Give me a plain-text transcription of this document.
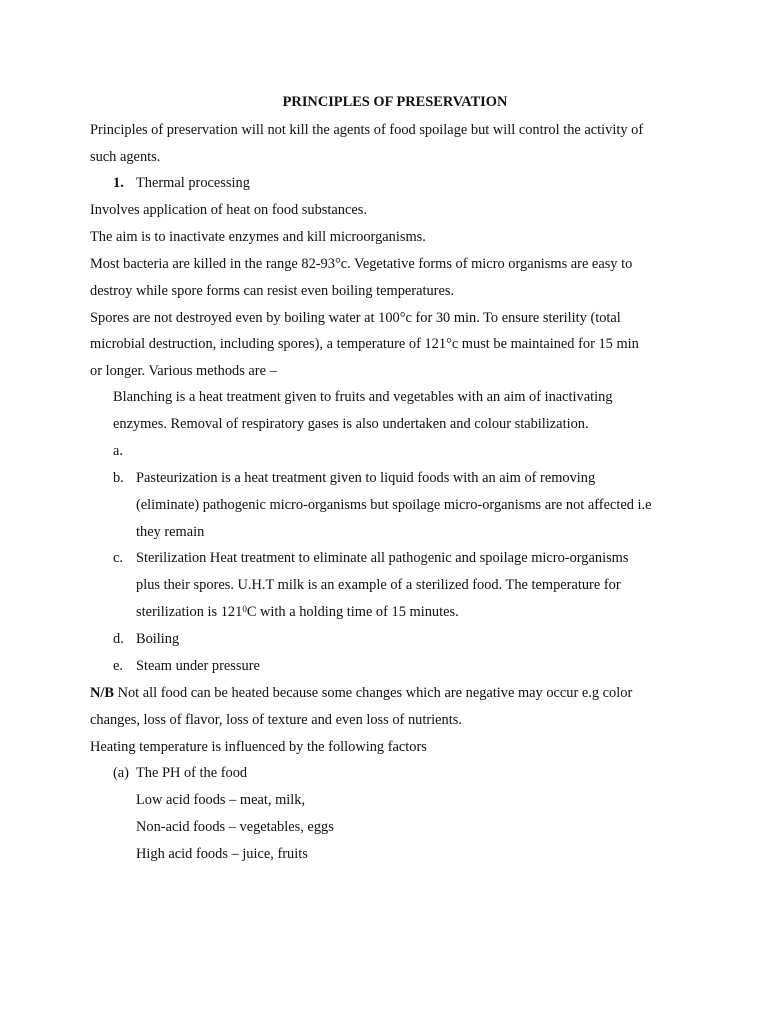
PRINCIPLES OF PRESERVATION
Principles of preservation will not kill the agents of food spoilage but will control the activity of
such agents.
1. Thermal processing
Involves application of heat on food substances.
The aim is to inactivate enzymes and kill microorganisms.
Most bacteria are killed in the range 82-93°c. Vegetative forms of micro organisms are easy to
destroy while spore forms can resist even boiling temperatures.
Spores are not destroyed even by boiling water at 100°c for 30 min. To ensure sterility (total
microbial destruction, including spores), a temperature of 121°c must be maintained for 15 min
or longer. Various methods are –
Blanching is a heat treatment given to fruits and vegetables with an aim of inactivating
enzymes. Removal of respiratory gases is also undertaken and colour stabilization.
a.
b. Pasteurization is a heat treatment given to liquid foods with an aim of removing
(eliminate) pathogenic micro-organisms but spoilage micro-organisms are not affected i.e
they remain
c. Sterilization Heat treatment to eliminate all pathogenic and spoilage micro-organisms
plus their spores. U.H.T milk is an example of a sterilized food. The temperature for
sterilization is $121^0C$ with a holding time of 15 minutes.
d. Boiling
e. Steam under pressure
N/B Not all food can be heated because some changes which are negative may occur e.g color
changes, loss of flavor, loss of texture and even loss of nutrients.
Heating temperature is influenced by the following factors
(a) The PH of the food
Low acid foods – meat, milk,
Non-acid foods – vegetables, eggs
High acid foods – juice, fruits
